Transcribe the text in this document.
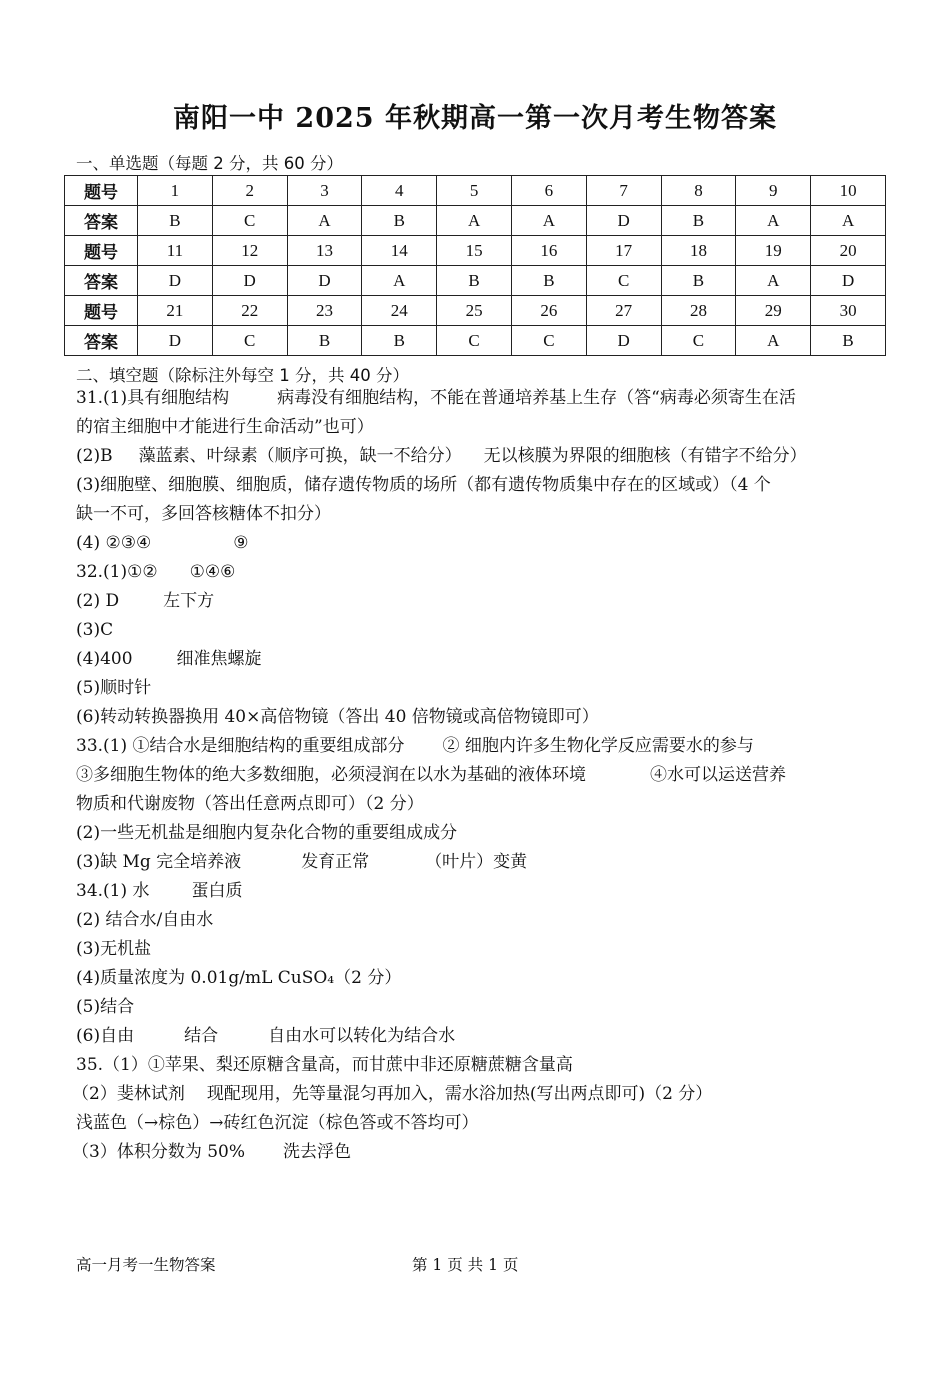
南阳一中 2025 年秋期高一第一次月考生物答案
一、单选题（每题 2 分，共 60 分）
题号	1	2	3	4	5	6	7	8	9	10
答案	B	C	A	B	A	A	D	B	A	A
题号	11	12	13	14	15	16	17	18	19	20
答案	D	D	D	A	B	B	C	B	A	D
题号	21	22	23	24	25	26	27	28	29	30
答案	D	C	B	B	C	C	D	C	A	B
二、填空题（除标注外每空 1 分，共 40 分）
31.(1)具有细胞结构	病毒没有细胞结构，不能在普通培养基上生存（答“病毒必须寄生在活
的宿主细胞中才能进行生命活动”也可）
(2)B 藻蓝素、叶绿素（顺序可换，缺一不给分） 无以核膜为界限的细胞核（有错字不给分）
(3)细胞壁、细胞膜、细胞质，储存遗传物质的场所（都有遗传物质集中存在的区域或）（4 个
缺一不可，多回答核糖体不扣分）
(4) ②③④	⑨
32.(1)①② ①④⑥
(2) D	左下方
(3)C
(4)400	细准焦螺旋
(5)顺时针
(6)转动转换器换用 40×高倍物镜（答出 40 倍物镜或高倍物镜即可）
33.(1) ①结合水是细胞结构的重要组成部分 ② 细胞内许多生物化学反应需要水的参与
③多细胞生物体的绝大多数细胞，必须浸润在以水为基础的液体环境	④水可以运送营养
物质和代谢废物（答出任意两点即可）（2 分）
(2)一些无机盐是细胞内复杂化合物的重要组成成分
(3)缺 Mg 完全培养液	发育正常	（叶片）变黄
34.(1) 水 蛋白质
(2) 结合水/自由水
(3)无机盐
(4)质量浓度为 0.01g/mL CuSO₄（2 分）
(5)结合
(6)自由	结合	自由水可以转化为结合水
35.（1）①苹果、梨还原糖含量高，而甘蔗中非还原糖蔗糖含量高
（2）斐林试剂 现配现用，先等量混匀再加入，需水浴加热(写出两点即可)（2 分）
浅蓝色（→棕色）→砖红色沉淀（棕色答或不答均可）
（3）体积分数为 50% 洗去浮色
高一月考一生物答案	第 1 页 共 1 页
